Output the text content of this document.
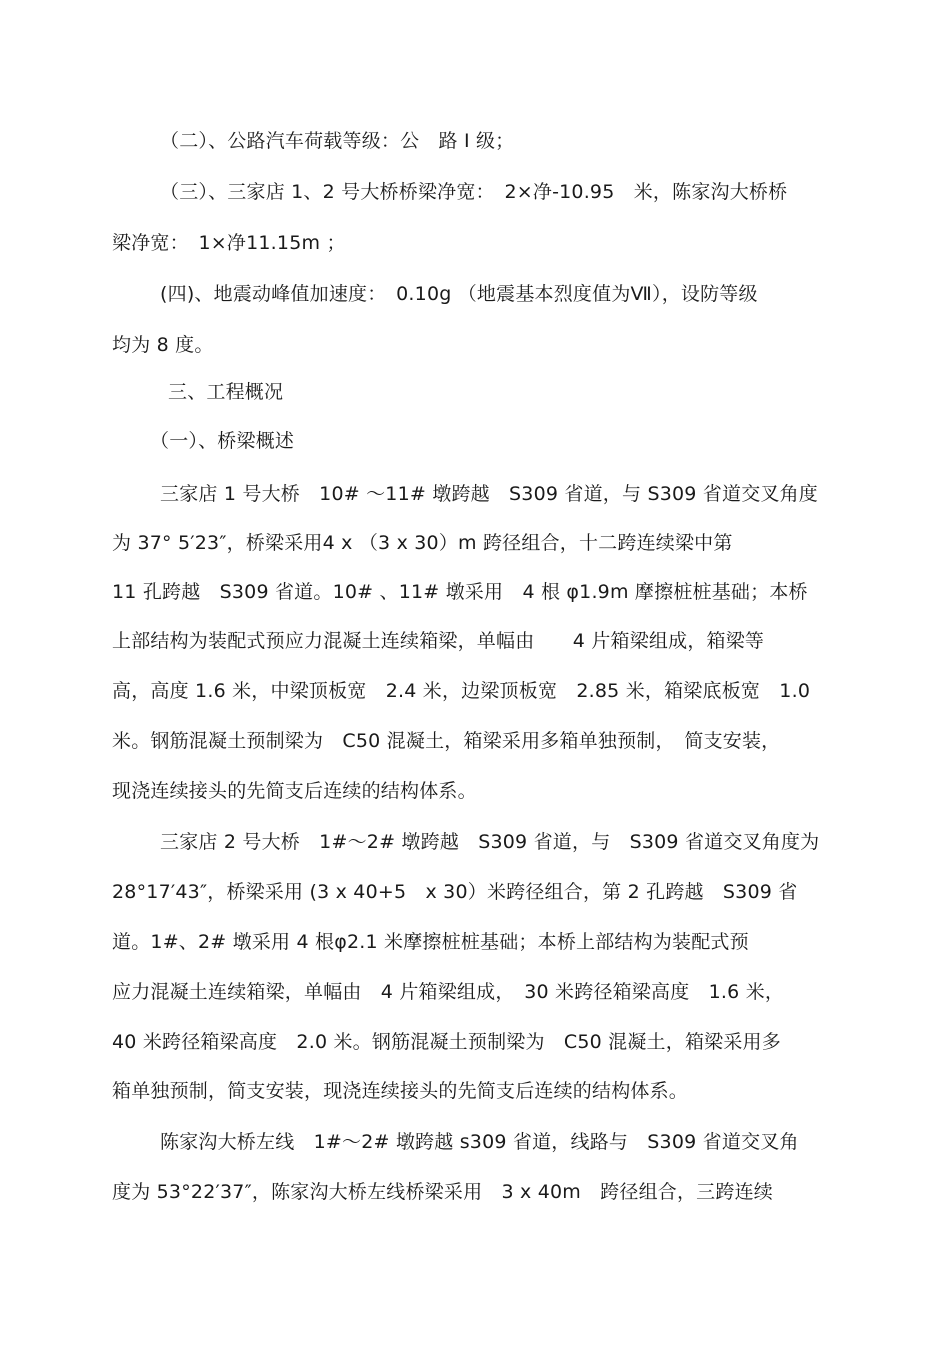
（二）、公路汽车荷载等级：公　路 I 级；
（三）、三家店 1、2 号大桥桥梁净宽：　2×净-10.95　米，陈家沟大桥桥
梁净宽：　1×净11.15m ；
(四)、地震动峰值加速度：　0.10g （地震基本烈度值为Ⅶ），设防等级
均为 8 度。
三、工程概况
（一）、桥梁概述
三家店 1 号大桥　10# ～11# 墩跨越　S309 省道，与 S309 省道交叉角度
为 37° 5′23″，桥梁采用4 x （3 x 30）m 跨径组合，十二跨连续梁中第
11 孔跨越　S309 省道。10# 、11# 墩采用　4 根 φ1.9m 摩擦桩桩基础；本桥
上部结构为装配式预应力混凝土连续箱梁，单幅由　　4 片箱梁组成，箱梁等
高，高度 1.6 米，中梁顶板宽　2.4 米，边梁顶板宽　2.85 米，箱梁底板宽　1.0
米。钢筋混凝土预制梁为　C50 混凝土，箱梁采用多箱单独预制，　简支安装，
现浇连续接头的先简支后连续的结构体系。
三家店 2 号大桥　1#～2# 墩跨越　S309 省道，与　S309 省道交叉角度为
28°17′43″，桥梁采用 (3 x 40+5　x 30）米跨径组合，第 2 孔跨越　S309 省
道。1#、2# 墩采用 4 根φ2.1 米摩擦桩桩基础；本桥上部结构为装配式预
应力混凝土连续箱梁，单幅由　4 片箱梁组成，　30 米跨径箱梁高度　1.6 米，
40 米跨径箱梁高度　2.0 米。钢筋混凝土预制梁为　C50 混凝土，箱梁采用多
箱单独预制，简支安装，现浇连续接头的先简支后连续的结构体系。
陈家沟大桥左线　1#～2# 墩跨越 s309 省道，线路与　S309 省道交叉角
度为 53°22′37″，陈家沟大桥左线桥梁采用　3 x 40m　跨径组合，三跨连续
